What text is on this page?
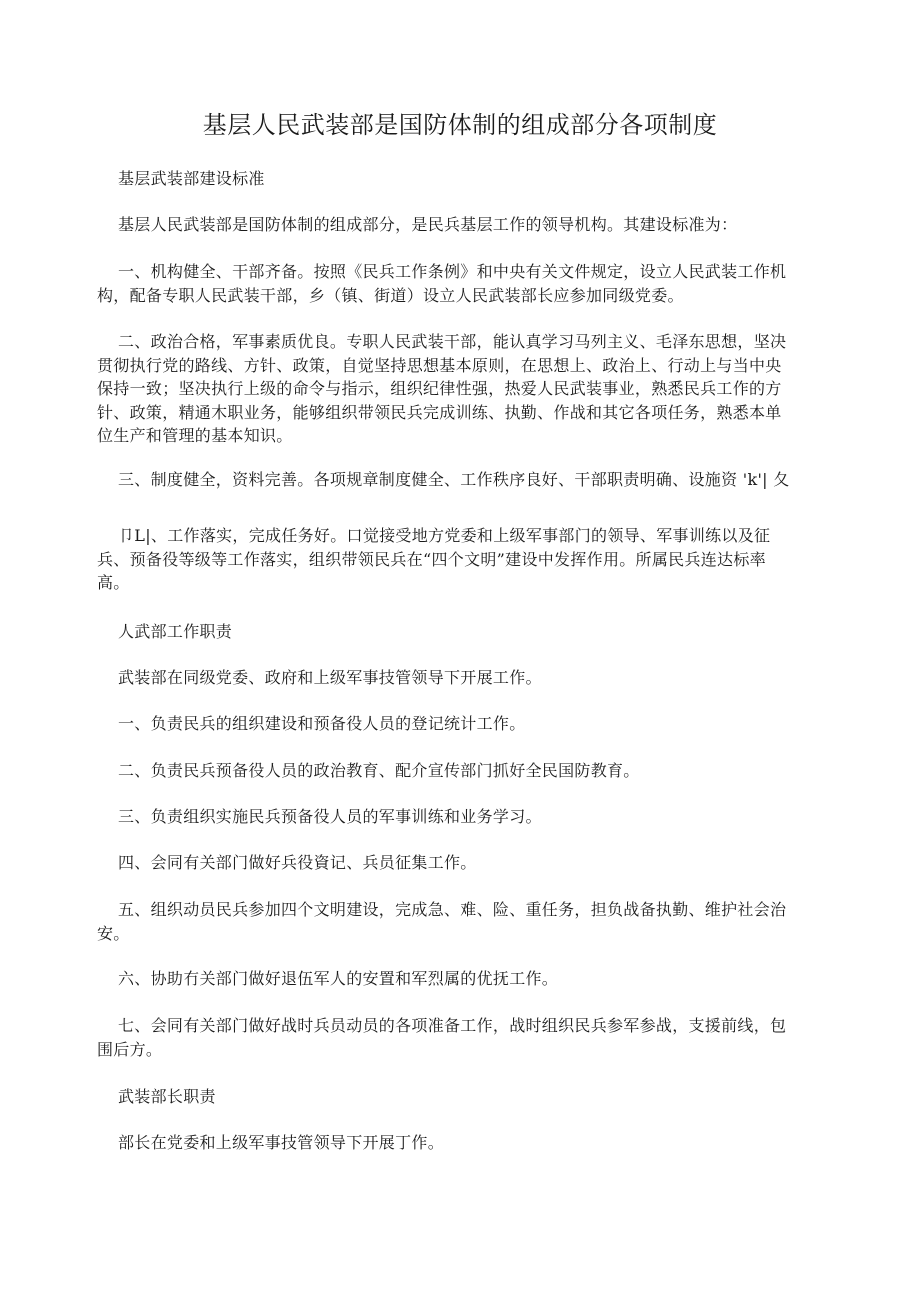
基层人民武装部是国防体制的组成部分各项制度

基层武装部建设标准

基层人民武装部是国防体制的组成部分，是民兵基层工作的领导机构。其建设标准为：

一、机构健全、干部齐备。按照《民兵工作条例》和中央有关文件规定，设立人民武装工作机构，配备专职人民武装干部，乡（镇、街道）设立人民武装部长应参加同级党委。

二、政治合格，军事素质优良。专职人民武装干部，能认真学习马列主义、毛泽东思想，坚决贯彻执行党的路线、方针、政策，自觉坚持思想基本原则，在思想上、政治上、行动上与当中央保持一致；坚决执行上级的命令与指示，组织纪律性强，热爱人民武装事业，熟悉民兵工作的方针、政策，精通木职业务，能够组织带领民兵完成训练、执勤、作战和其它各项任务，熟悉本单位生产和管理的基本知识。

三、制度健全，资料完善。各项规章制度健全、工作秩序良好、干部职责明确、设施资 'k'| 夂

卩L|、工作落实，完成任务好。口觉接受地方党委和上级军事部门的领导、军事训练以及征兵、预备役等级等工作落实，组织带领民兵在“四个文明”建设中发挥作用。所属民兵连达标率高。

人武部工作职责

武装部在同级党委、政府和上级军事技管领导下开展工作。

一、负责民兵的组织建设和预备役人员的登记统计工作。

二、负责民兵预备役人员的政治教育、配介宣传部门抓好全民国防教育。

三、负责组织实施民兵预备役人员的军事训练和业务学习。

四、会同有关部门做好兵役資记、兵员征集工作。

五、组织动员民兵参加四个文明建设，完成急、难、险、重任务，担负战备执勤、维护社会治安。

六、协助冇关部门做好退伍军人的安置和军烈属的优抚工作。

七、会同有关部门做好战时兵员动员的各项准备工作，战时组织民兵参军参战，支援前线，包围后方。

武装部长职责

部长在党委和上级军事技管领导下开展丁作。
